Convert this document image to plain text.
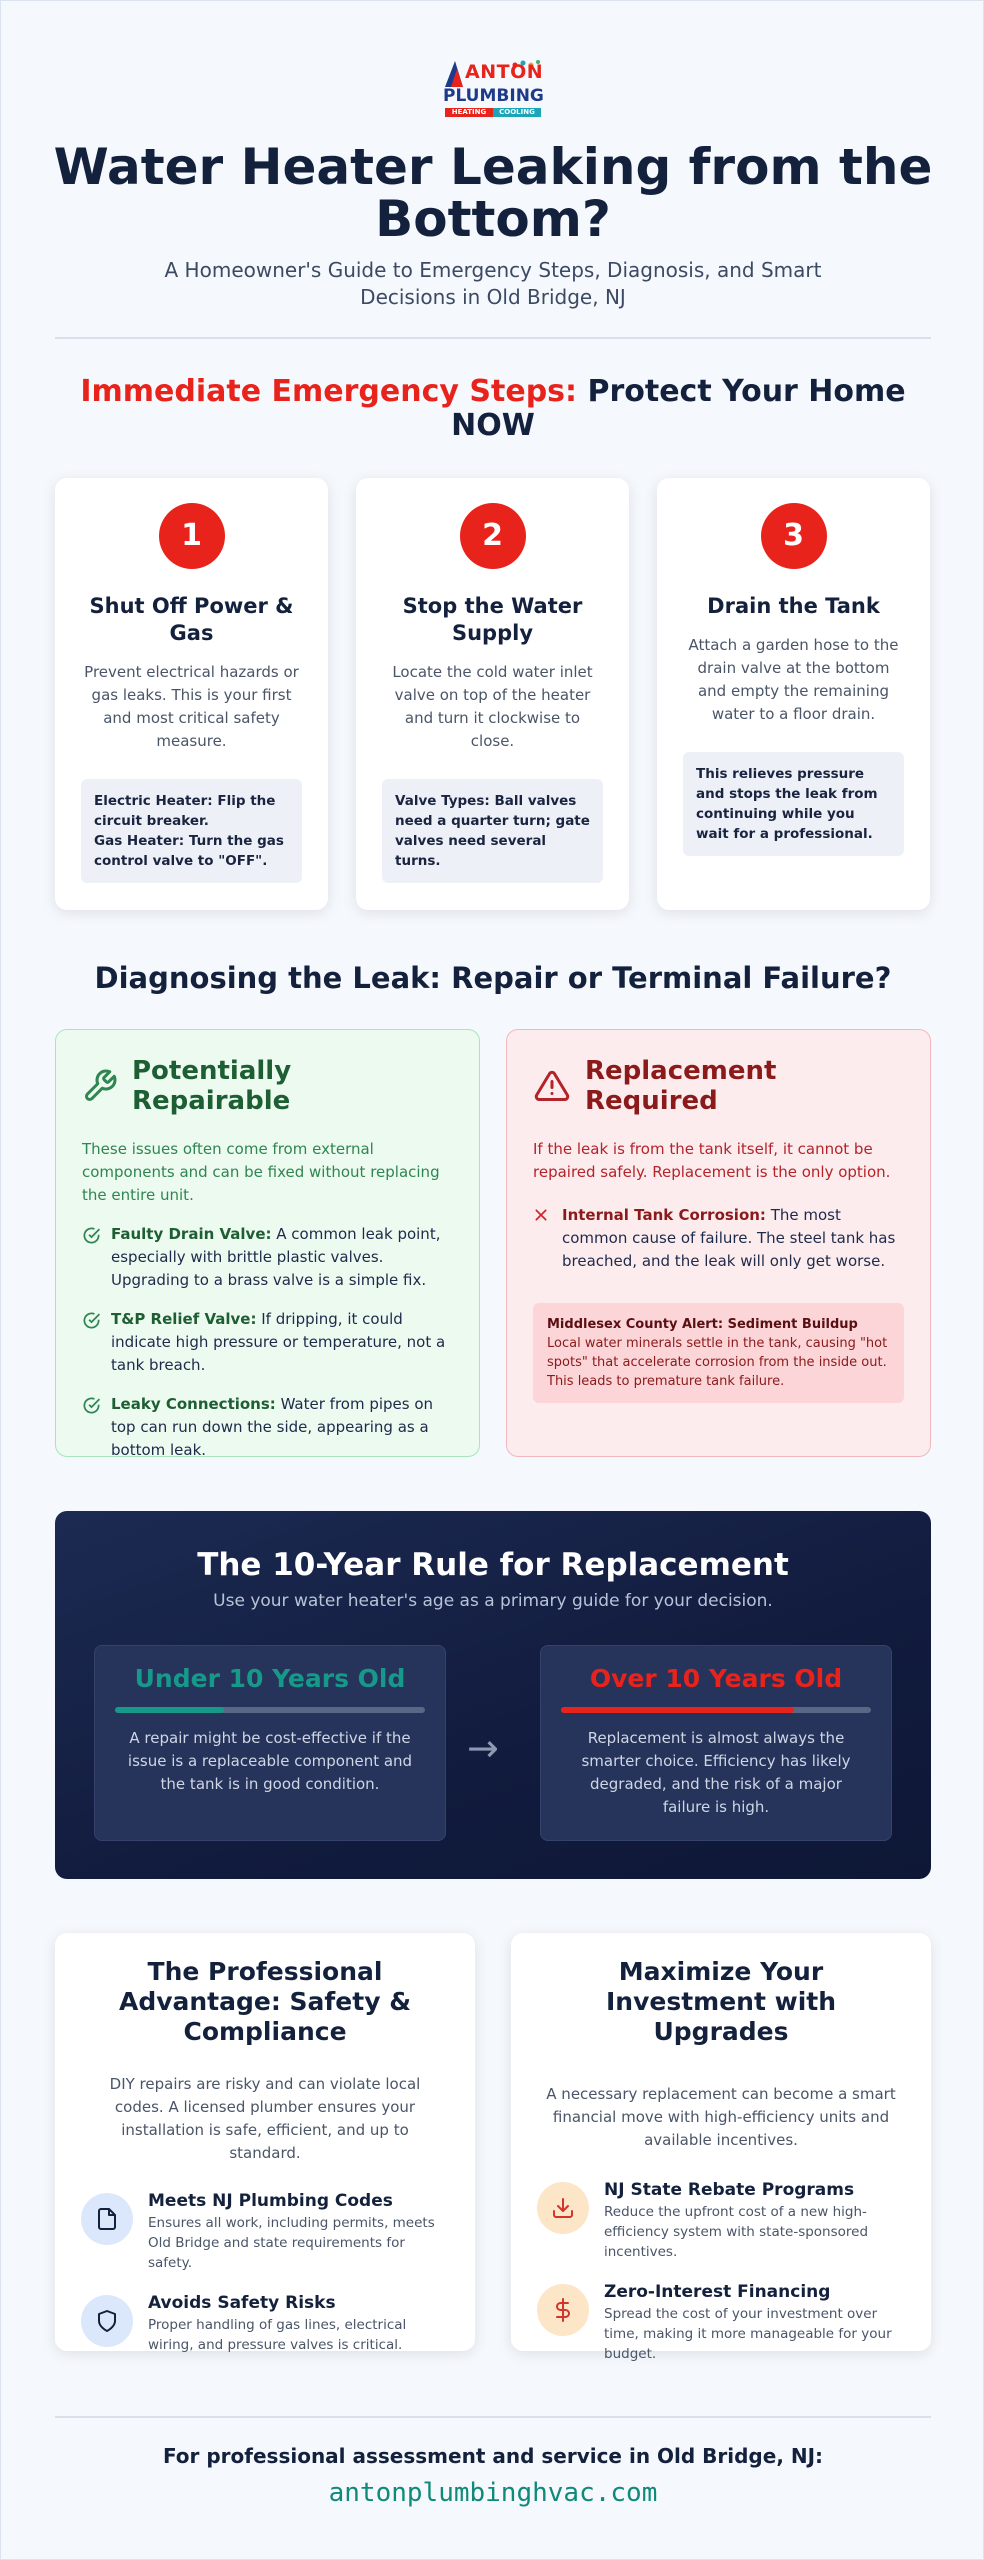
ANTON
PLUMBING
HEATING	COOLING
Water Heater Leaking from the Bottom?

A Homeowner's Guide to Emergency Steps, Diagnosis, and Smart Decisions in Old Bridge, NJ

Immediate Emergency Steps: Protect Your Home NOW
1
Shut Off Power & Gas
Prevent electrical hazards or gas leaks. This is your first and most critical safety measure.
Electric Heater: Flip the circuit breaker.
Gas Heater: Turn the gas control valve to "OFF".
2
Stop the Water Supply
Locate the cold water inlet valve on top of the heater and turn it clockwise to close.
Valve Types: Ball valves need a quarter turn; gate valves need several turns.
3
Drain the Tank
Attach a garden hose to the drain valve at the bottom and empty the remaining water to a floor drain.
This relieves pressure and stops the leak from continuing while you wait for a professional.
Diagnosing the Leak: Repair or Terminal Failure?
Potentially Repairable

These issues often come from external components and can be fixed without replacing the entire unit.

Faulty Drain Valve: A common leak point, especially with brittle plastic valves. Upgrading to a brass valve is a simple fix.
T&P Relief Valve: If dripping, it could indicate high pressure or temperature, not a tank breach.
Leaky Connections: Water from pipes on top can run down the side, appearing as a bottom leak.
Replacement Required

If the leak is from the tank itself, it cannot be repaired safely. Replacement is the only option.

Internal Tank Corrosion: The most common cause of failure. The steel tank has breached, and the leak will only get worse.
Middlesex County Alert: Sediment Buildup
Local water minerals settle in the tank, causing "hot spots" that accelerate corrosion from the inside out. This leads to premature tank failure.
The 10-Year Rule for Replacement
Use your water heater's age as a primary guide for your decision.
Under 10 Years Old
A repair might be cost-effective if the issue is a replaceable component and the tank is in good condition.
→
Over 10 Years Old
Replacement is almost always the smarter choice. Efficiency has likely degraded, and the risk of a major failure is high.
The Professional Advantage: Safety & Compliance
DIY repairs are risky and can violate local codes. A licensed plumber ensures your installation is safe, efficient, and up to standard.
Meets NJ Plumbing Codes
Ensures all work, including permits, meets Old Bridge and state requirements for safety.
Avoids Safety Risks
Proper handling of gas lines, electrical wiring, and pressure valves is critical.
Maximize Your Investment with Upgrades
A necessary replacement can become a smart financial move with high-efficiency units and available incentives.
NJ State Rebate Programs
Reduce the upfront cost of a new high-efficiency system with state-sponsored incentives.
Zero-Interest Financing
Spread the cost of your investment over time, making it more manageable for your budget.
For professional assessment and service in Old Bridge, NJ:
antonplumbinghvac.com
